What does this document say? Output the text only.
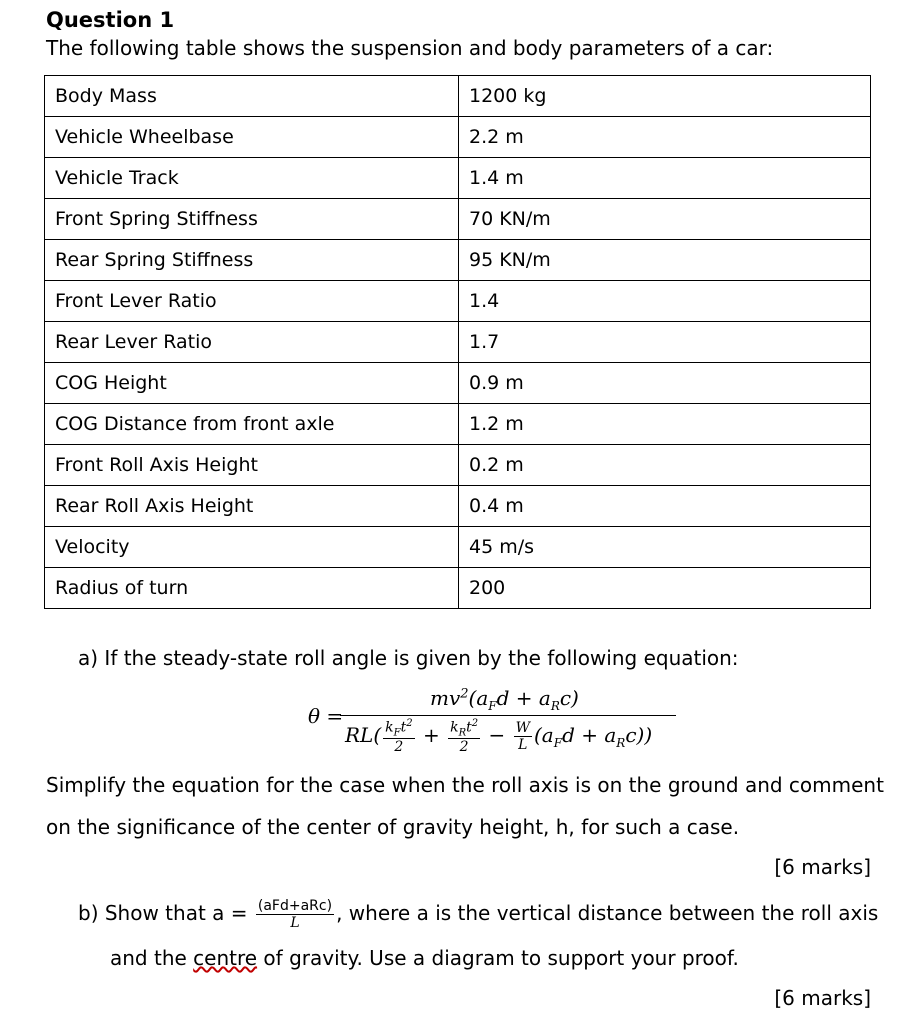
Question 1
The following table shows the suspension and body parameters of a car:
Body Mass	1200 kg
Vehicle Wheelbase	2.2 m
Vehicle Track	1.4 m
Front Spring Stiffness	70 KN/m
Rear Spring Stiffness	95 KN/m
Front Lever Ratio	1.4
Rear Lever Ratio	1.7
COG Height	0.9 m
COG Distance from front axle	1.2 m
Front Roll Axis Height	0.2 m
Rear Roll Axis Height	0.4 m
Velocity	45 m/s
Radius of turn	200
a) If the steady-state roll angle is given by the following equation:
θ =
$mv^2(a_Fd + a_Rc)$
$RL( \frac{k_Ft^2}{2} + \frac{k_Rt^2}{2} - \frac{W}{L} (a_Fd + a_Rc))$
Simplify the equation for the case when the roll axis is on the ground and comment
on the significance of the center of gravity height, h, for such a case.
[6 marks]
b) Show that $a = \frac{\text{(aFd+aRc)}}{L}$ , where a is the vertical distance between the roll axis
and the centre of gravity. Use a diagram to support your proof.
[6 marks]
